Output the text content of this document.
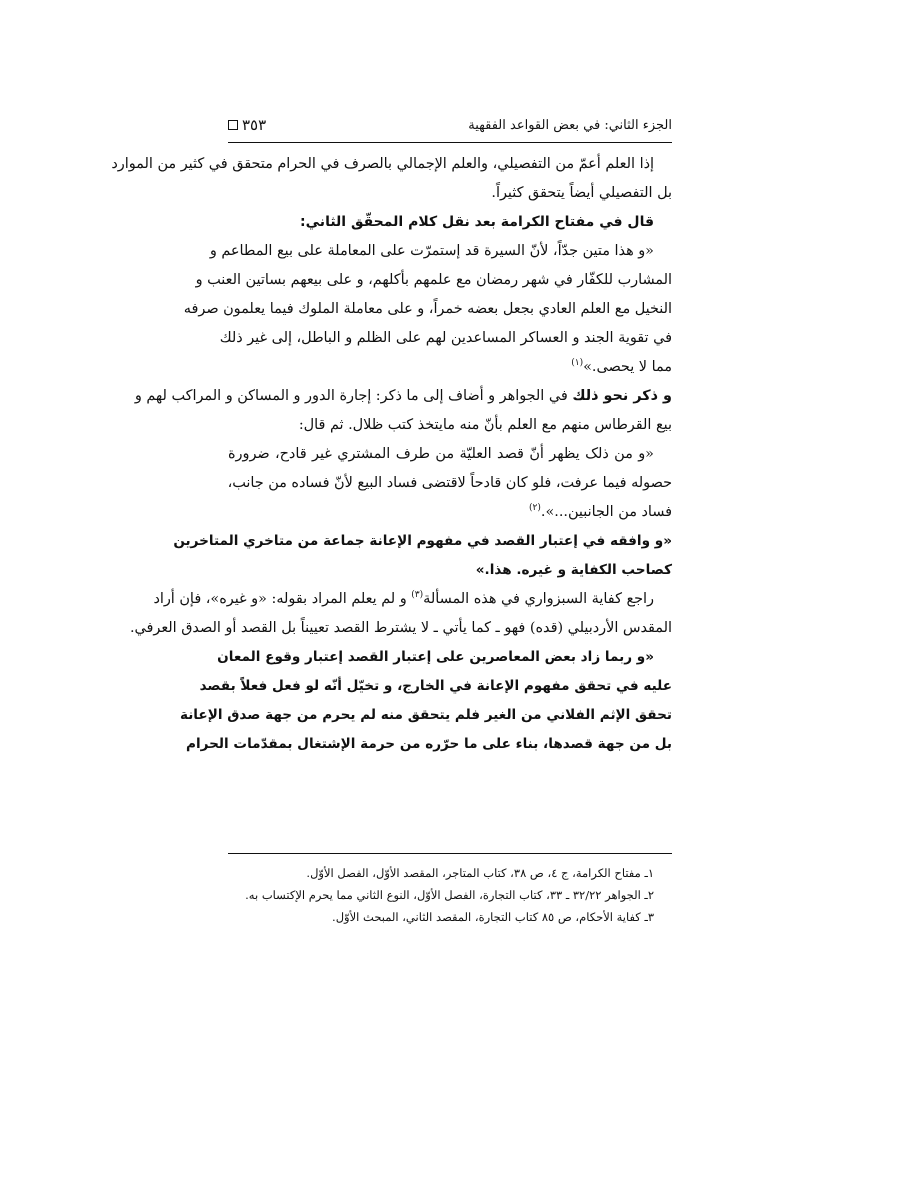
الجزء الثاني: في بعض القواعد الفقهية
٣٥٣
إذا العلم أعمّ من التفصيلي، والعلم الإجمالي بالصرف في الحرام متحقق في كثير من الموارد
بل التفصيلي أيضاً يتحقق كثيراً.
قال في مفتاح الكرامة بعد نقل كلام المحقّق الثاني:
«و هذا متين جدّاً، لأنّ السيرة قد إستمرّت على المعاملة على بيع المطاعم و
المشارب للكفّار في شهر رمضان مع علمهم بأكلهم، و على بيعهم بساتين العنب و
النخيل مع العلم العادي بجعل بعضه خمراً، و على معاملة الملوك فيما يعلمون صرفه
في تقوية الجند و العساكر المساعدين لهم على الظلم و الباطل، إلى غير ذلك
مما لا يحصى.»$^{(١)}$
و ذكر نحو ذلك في الجواهر و أضاف إلى ما ذكر: إجارة الدور و المساكن و المراكب لهم و
بيع القرطاس منهم مع العلم بأنّ منه مايتخذ كتب ظلال. ثم قال:
«و من ذلک يظهر أنّ قصد العليّة من طرف المشتري غير قادح، ضرورة
حصوله فيما عرفت، فلو كان قادحاً لاقتضى فساد البيع لأنّ فساده من جانب،
فساد من الجانبين...».$^{(٢)}$
«و وافقه في إعتبار القصد في مفهوم الإعانة جماعة من متاخري المتاخرين
كصاحب الكفاية و غيره. هذا.»
راجع كفاية السبزواري في هذه المسألة$^{(٣)}$ و لم يعلم المراد بقوله: «و غيره»، فإن أراد
المقدس الأردبيلي (قده) فهو ـ كما يأتي ـ لا يشترط القصد تعييناً بل القصد أو الصدق العرفي.
«و ربما زاد بعض المعاصرين على إعتبار القصد إعتبار وقوع المعان
عليه في تحقق مفهوم الإعانة في الخارج، و تخيّل أنّه لو فعل فعلاً بقصد
تحقق الإثم الفلاني من الغير فلم يتحقق منه لم يحرم من جهة صدق الإعانة
بل من جهة قصدها، بناء على ما حرّره من حرمة الإشتغال بمقدّمات الحرام
١ـ مفتاح الكرامة، ج ٤، ص ٣٨، كتاب المتاجر، المقصد الأوّل، الفصل الأوّل.
٢ـ الجواهر ٣٢/٢٢ ـ ٣٣، كتاب التجارة، الفصل الأوّل، النوع الثاني مما يحرم الإكتساب به.
٣ـ كفاية الأحكام، ص ٨٥ كتاب التجارة، المقصد الثاني، المبحث الأوّل.
